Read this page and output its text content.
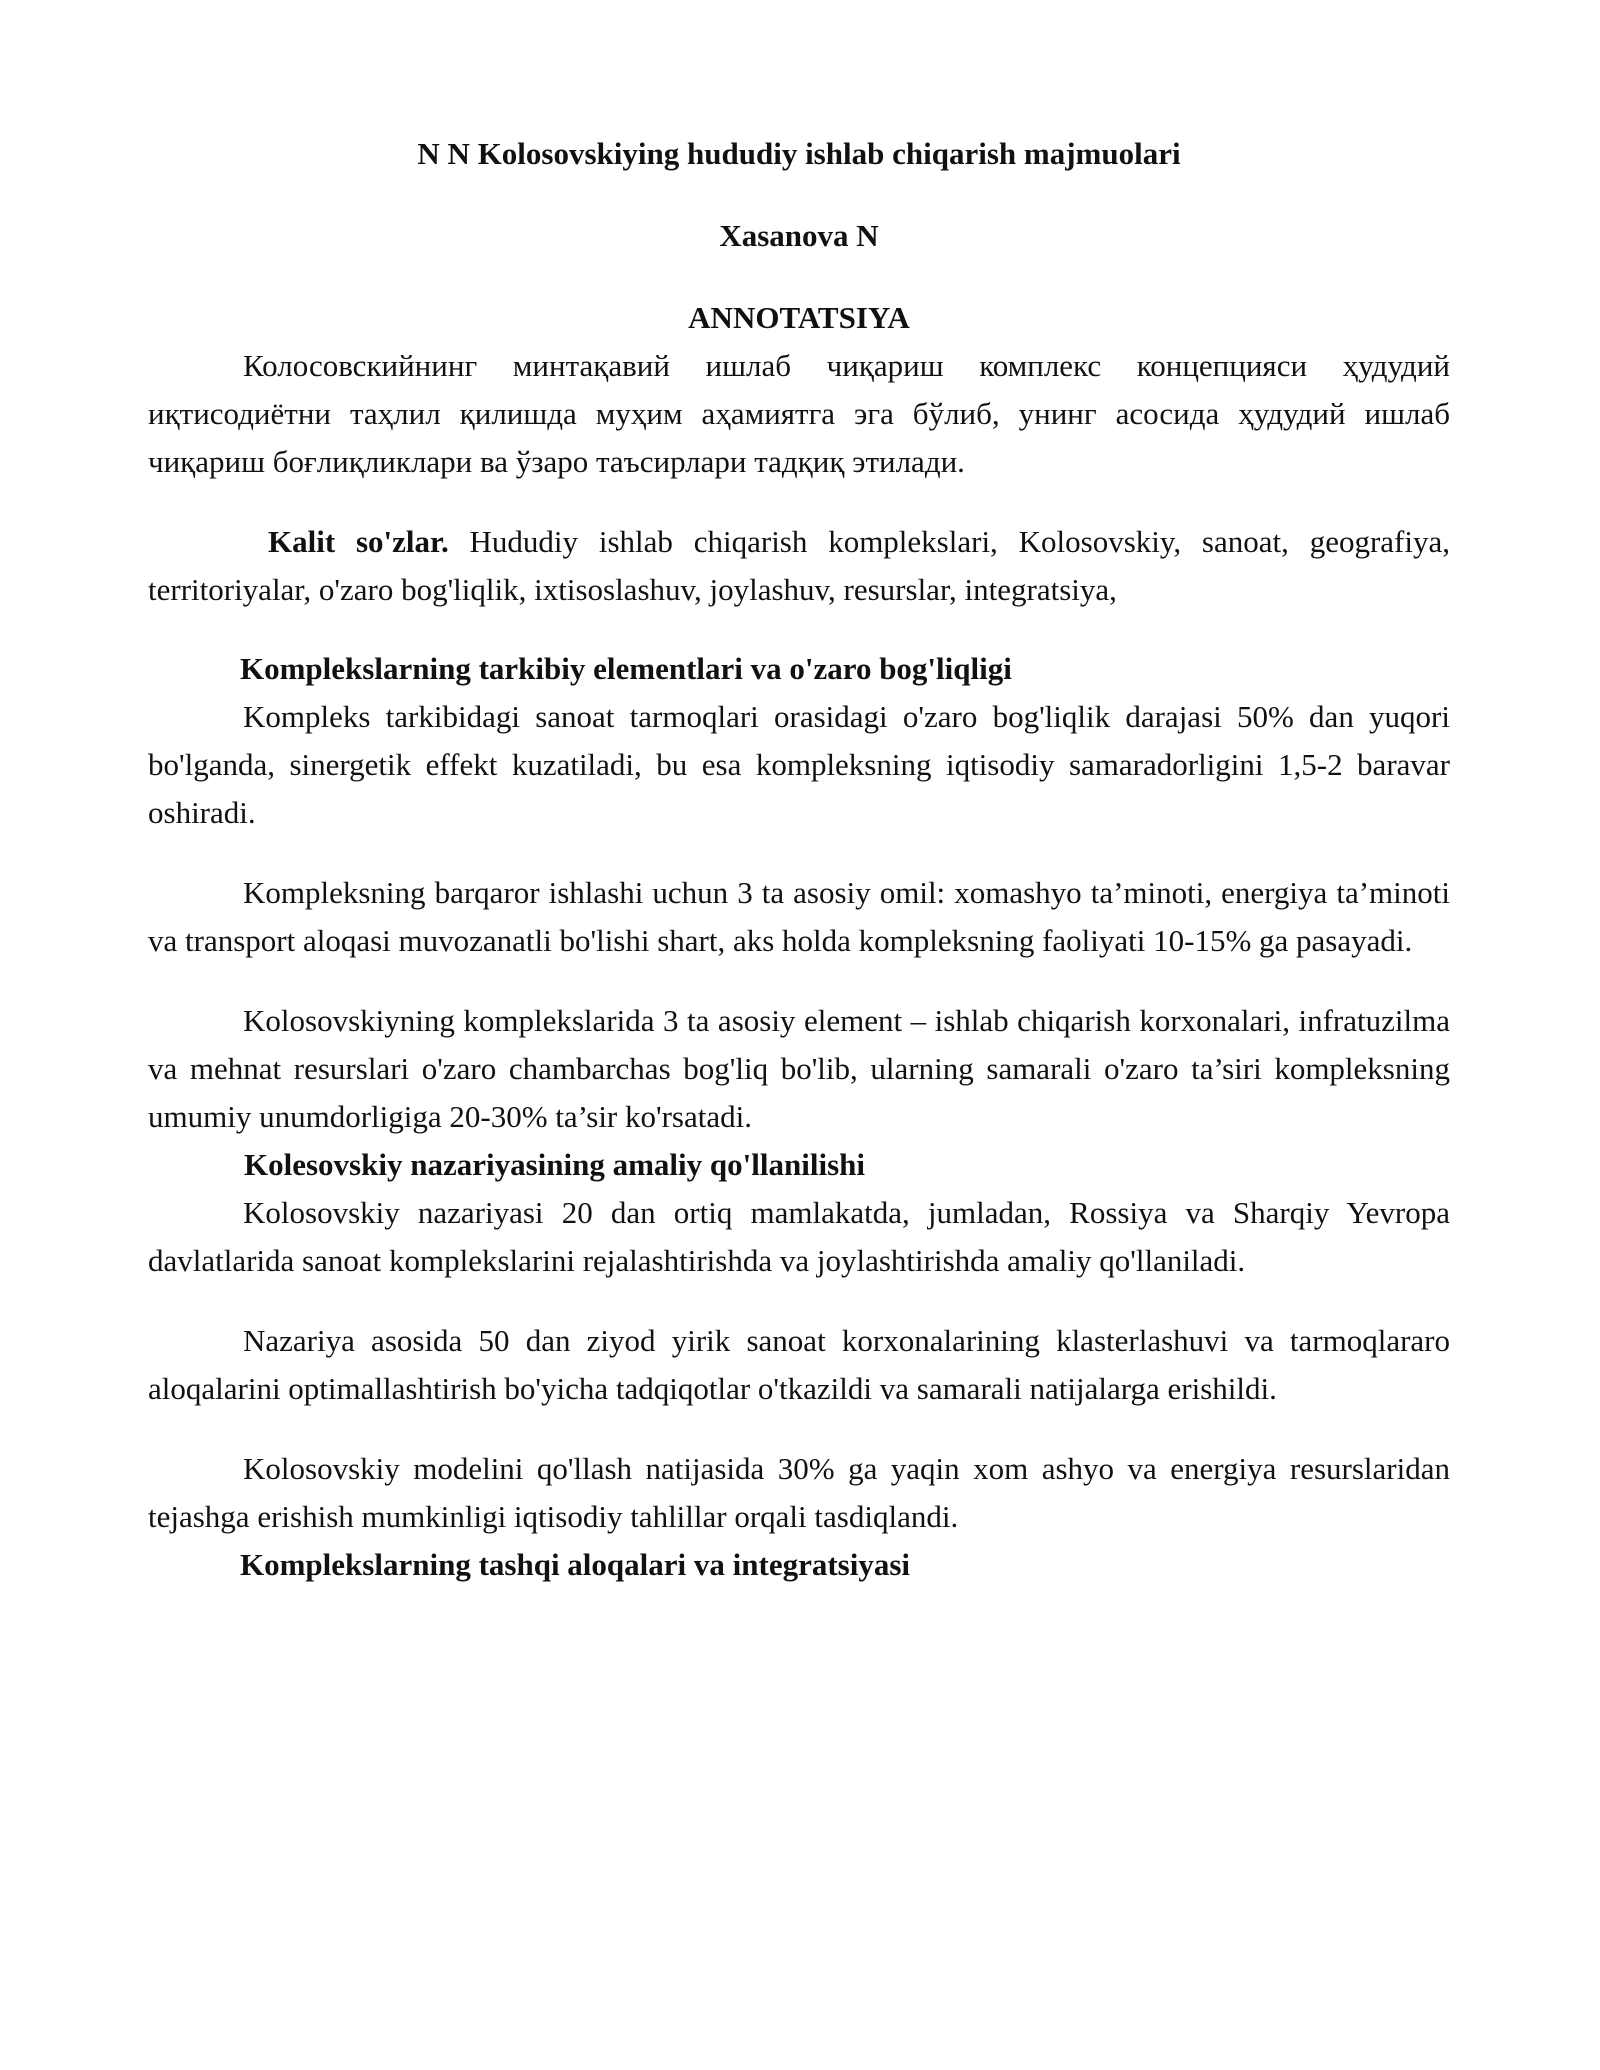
N N Kolosovskiying hududiy ishlab chiqarish majmuolari

Xasanova N

ANNOTATSIYA

Колосовскийнинг минтақавий ишлаб чиқариш комплекс концепцияси ҳудудий иқтисодиётни таҳлил қилишда муҳим аҳамиятга эга бўлиб, унинг асосида ҳудудий ишлаб чиқариш боғлиқликлари ва ўзаро таъсирлари тадқиқ этилади.

Kalit so'zlar. Hududiy ishlab chiqarish komplekslari, Kolosovskiy, sanoat, geografiya, territoriyalar, o'zaro bog'liqlik, ixtisoslashuv, joylashuv, resurslar, integratsiya,

Komplekslarning tarkibiy elementlari va o'zaro bog'liqligi

Kompleks tarkibidagi sanoat tarmoqlari orasidagi o'zaro bog'liqlik darajasi 50% dan yuqori bo'lganda, sinergetik effekt kuzatiladi, bu esa kompleksning iqtisodiy samaradorligini 1,5-2 baravar oshiradi.

Kompleksning barqaror ishlashi uchun 3 ta asosiy omil: xomashyo ta’minoti, energiya ta’minoti va transport aloqasi muvozanatli bo'lishi shart, aks holda kompleksning faoliyati 10-15% ga pasayadi.

Kolosovskiyning komplekslarida 3 ta asosiy element – ishlab chiqarish korxonalari, infratuzilma va mehnat resurslari o'zaro chambarchas bog'liq bo'lib, ularning samarali o'zaro ta’siri kompleksning umumiy unumdorligiga 20-30% ta’sir ko'rsatadi.

Kolesovskiy nazariyasining amaliy qo'llanilishi

Kolosovskiy nazariyasi 20 dan ortiq mamlakatda, jumladan, Rossiya va Sharqiy Yevropa davlatlarida sanoat komplekslarini rejalashtirishda va joylashtirishda amaliy qo'llaniladi.

Nazariya asosida 50 dan ziyod yirik sanoat korxonalarining klasterlashuvi va tarmoqlararo aloqalarini optimallashtirish bo'yicha tadqiqotlar o'tkazildi va samarali natijalarga erishildi.

Kolosovskiy modelini qo'llash natijasida 30% ga yaqin xom ashyo va energiya resurslaridan tejashga erishish mumkinligi iqtisodiy tahlillar orqali tasdiqlandi.

Komplekslarning tashqi aloqalari va integratsiyasi
